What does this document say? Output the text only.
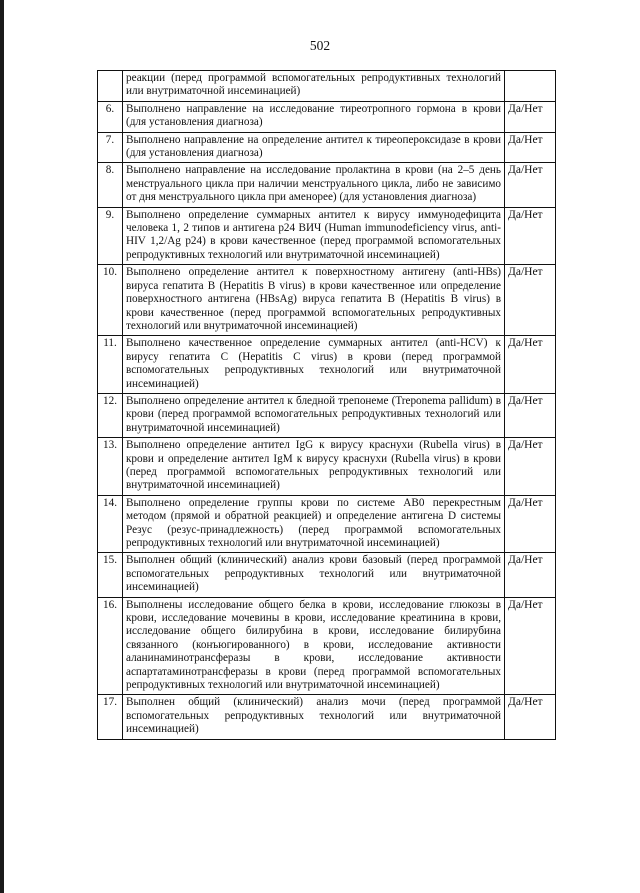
502
	реакции (перед программой вспомогательных репродуктивных технологий или внутриматочной инсеминацией)	
6.	Выполнено направление на исследование тиреотропного гормона в крови (для установления диагноза)	Да/Нет
7.	Выполнено направление на определение антител к тиреопероксидазе в крови (для установления диагноза)	Да/Нет
8.	Выполнено направление на исследование пролактина в крови (на 2–5 день менструального цикла при наличии менструального цикла, либо не зависимо от дня менструального цикла при аменорее) (для установления диагноза)	Да/Нет
9.	Выполнено определение суммарных антител к вирусу иммунодефицита человека 1, 2 типов и антигена p24 ВИЧ (Human immunodeficiency virus, anti-HIV 1,2/Ag p24) в крови качественное (перед программой вспомогательных репродуктивных технологий или внутриматочной инсеминацией)	Да/Нет
10.	Выполнено определение антител к поверхностному антигену (anti-HBs) вируса гепатита B (Hepatitis B virus) в крови качественное или определение поверхностного антигена (HBsAg) вируса гепатита B (Hepatitis B virus) в крови качественное (перед программой вспомогательных репродуктивных технологий или внутриматочной инсеминацией)	Да/Нет
11.	Выполнено качественное определение суммарных антител (anti-HCV) к вирусу гепатита C (Hepatitis C virus) в крови (перед программой вспомогательных репродуктивных технологий или внутриматочной инсеминацией)	Да/Нет
12.	Выполнено определение антител к бледной трепонеме (Treponema pallidum) в крови (перед программой вспомогательных репродуктивных технологий или внутриматочной инсеминацией)	Да/Нет
13.	Выполнено определение антител IgG к вирусу краснухи (Rubella virus) в крови и определение антител IgM к вирусу краснухи (Rubella virus) в крови (перед программой вспомогательных репродуктивных технологий или внутриматочной инсеминацией)	Да/Нет
14.	Выполнено определение группы крови по системе AB0 перекрестным методом (прямой и обратной реакцией) и определение антигена D системы Резус (резус-принадлежность) (перед программой вспомогательных репродуктивных технологий или внутриматочной инсеминацией)	Да/Нет
15.	Выполнен общий (клинический) анализ крови базовый (перед программой вспомогательных репродуктивных технологий или внутриматочной инсеминацией)	Да/Нет
16.	Выполнены исследование общего белка в крови, исследование глюкозы в крови, исследование мочевины в крови, исследование креатинина в крови, исследование общего билирубина в крови, исследование билирубина связанного (конъюгированного) в крови, исследование активности аланинаминотрансферазы в крови, исследование активности аспартатаминотрансферазы в крови (перед программой вспомогательных репродуктивных технологий или внутриматочной инсеминацией)	Да/Нет
17.	Выполнен общий (клинический) анализ мочи (перед программой вспомогательных репродуктивных технологий или внутриматочной инсеминацией)	Да/Нет
